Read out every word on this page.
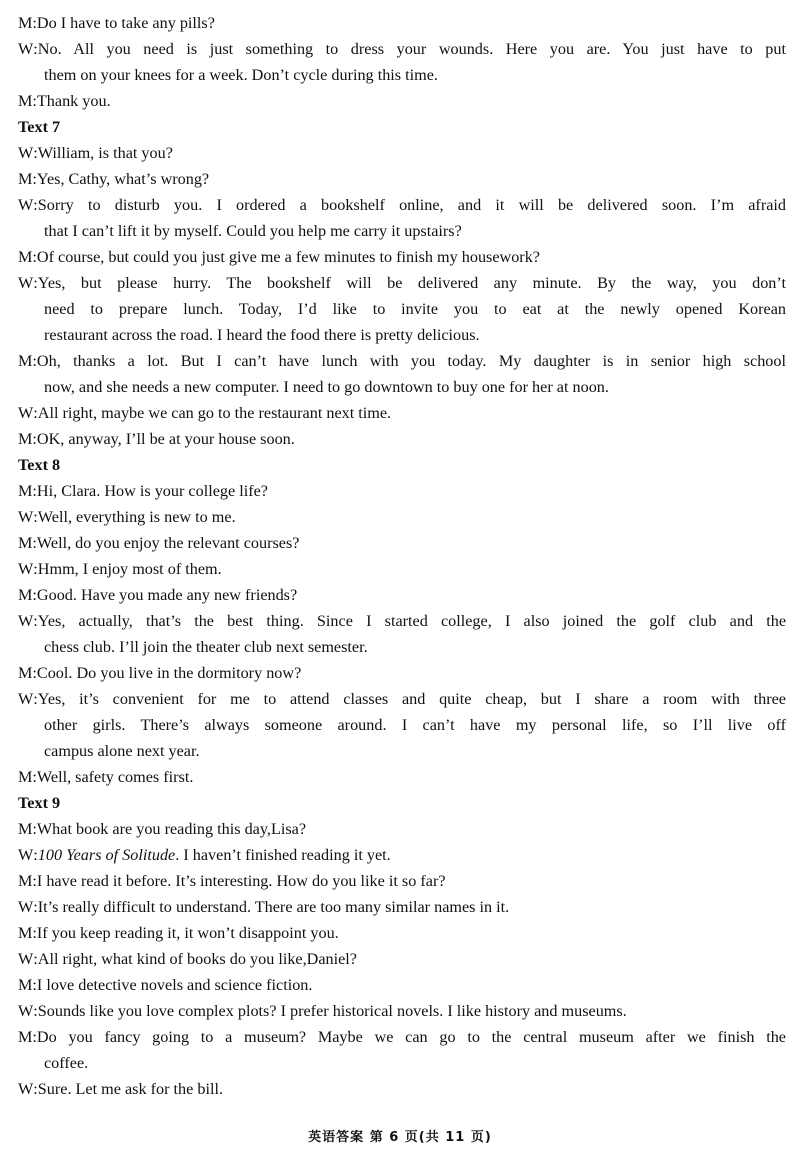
M:Do I have to take any pills?
W:No. All you need is just something to dress your wounds. Here you are. You just have to put
them on your knees for a week. Don’t cycle during this time.
M:Thank you.
Text 7
W:William, is that you?
M:Yes, Cathy, what’s wrong?
W:Sorry to disturb you. I ordered a bookshelf online, and it will be delivered soon. I’m afraid
that I can’t lift it by myself. Could you help me carry it upstairs?
M:Of course, but could you just give me a few minutes to finish my housework?
W:Yes, but please hurry. The bookshelf will be delivered any minute. By the way, you don’t
need to prepare lunch. Today, I’d like to invite you to eat at the newly opened Korean
restaurant across the road. I heard the food there is pretty delicious.
M:Oh, thanks a lot. But I can’t have lunch with you today. My daughter is in senior high school
now, and she needs a new computer. I need to go downtown to buy one for her at noon.
W:All right, maybe we can go to the restaurant next time.
M:OK, anyway, I’ll be at your house soon.
Text 8
M:Hi, Clara. How is your college life?
W:Well, everything is new to me.
M:Well, do you enjoy the relevant courses?
W:Hmm, I enjoy most of them.
M:Good. Have you made any new friends?
W:Yes, actually, that’s the best thing. Since I started college, I also joined the golf club and the
chess club. I’ll join the theater club next semester.
M:Cool. Do you live in the dormitory now?
W:Yes, it’s convenient for me to attend classes and quite cheap, but I share a room with three
other girls. There’s always someone around. I can’t have my personal life, so I’ll live off
campus alone next year.
M:Well, safety comes first.
Text 9
M:What book are you reading this day,Lisa?
W:100 Years of Solitude. I haven’t finished reading it yet.
M:I have read it before. It’s interesting. How do you like it so far?
W:It’s really difficult to understand. There are too many similar names in it.
M:If you keep reading it, it won’t disappoint you.
W:All right, what kind of books do you like,Daniel?
M:I love detective novels and science fiction.
W:Sounds like you love complex plots? I prefer historical novels. I like history and museums.
M:Do you fancy going to a museum? Maybe we can go to the central museum after we finish the
coffee.
W:Sure. Let me ask for the bill.
英语答案 第 6 页(共 11 页)
